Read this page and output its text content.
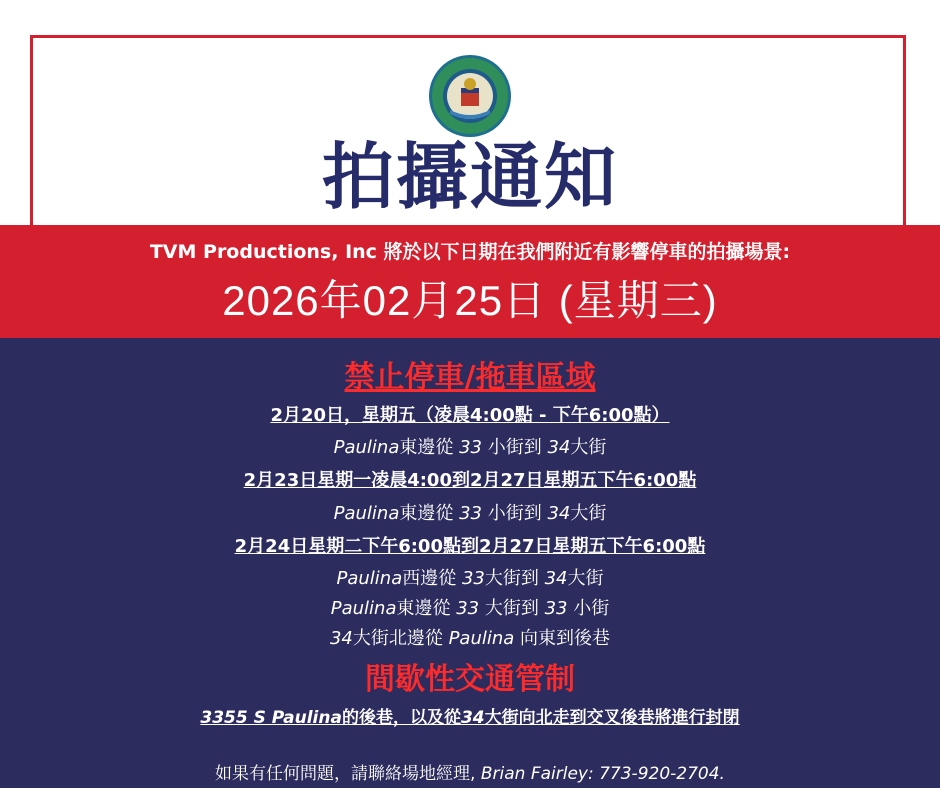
拍攝通知
TVM Productions, Inc 將於以下日期在我們附近有影響停車的拍攝場景:
2026年02月25日 (星期三)
禁止停車/拖車區域
2月20日，星期五（凌晨4:00點 - 下午6:00點）
Paulina東邊從 33 小街到 34大街
2月23日星期一凌晨4:00到2月27日星期五下午6:00點
Paulina東邊從 33 小街到 34大街
2月24日星期二下午6:00點到2月27日星期五下午6:00點
Paulina西邊從 33大街到 34大街
Paulina東邊從 33 大街到 33 小街
34大街北邊從 Paulina 向東到後巷
間歇性交通管制
3355 S Paulina的後巷，以及從34大街向北走到交叉後巷將進行封閉
如果有任何問題，請聯絡場地經理, Brian Fairley: 773-920-2704.
